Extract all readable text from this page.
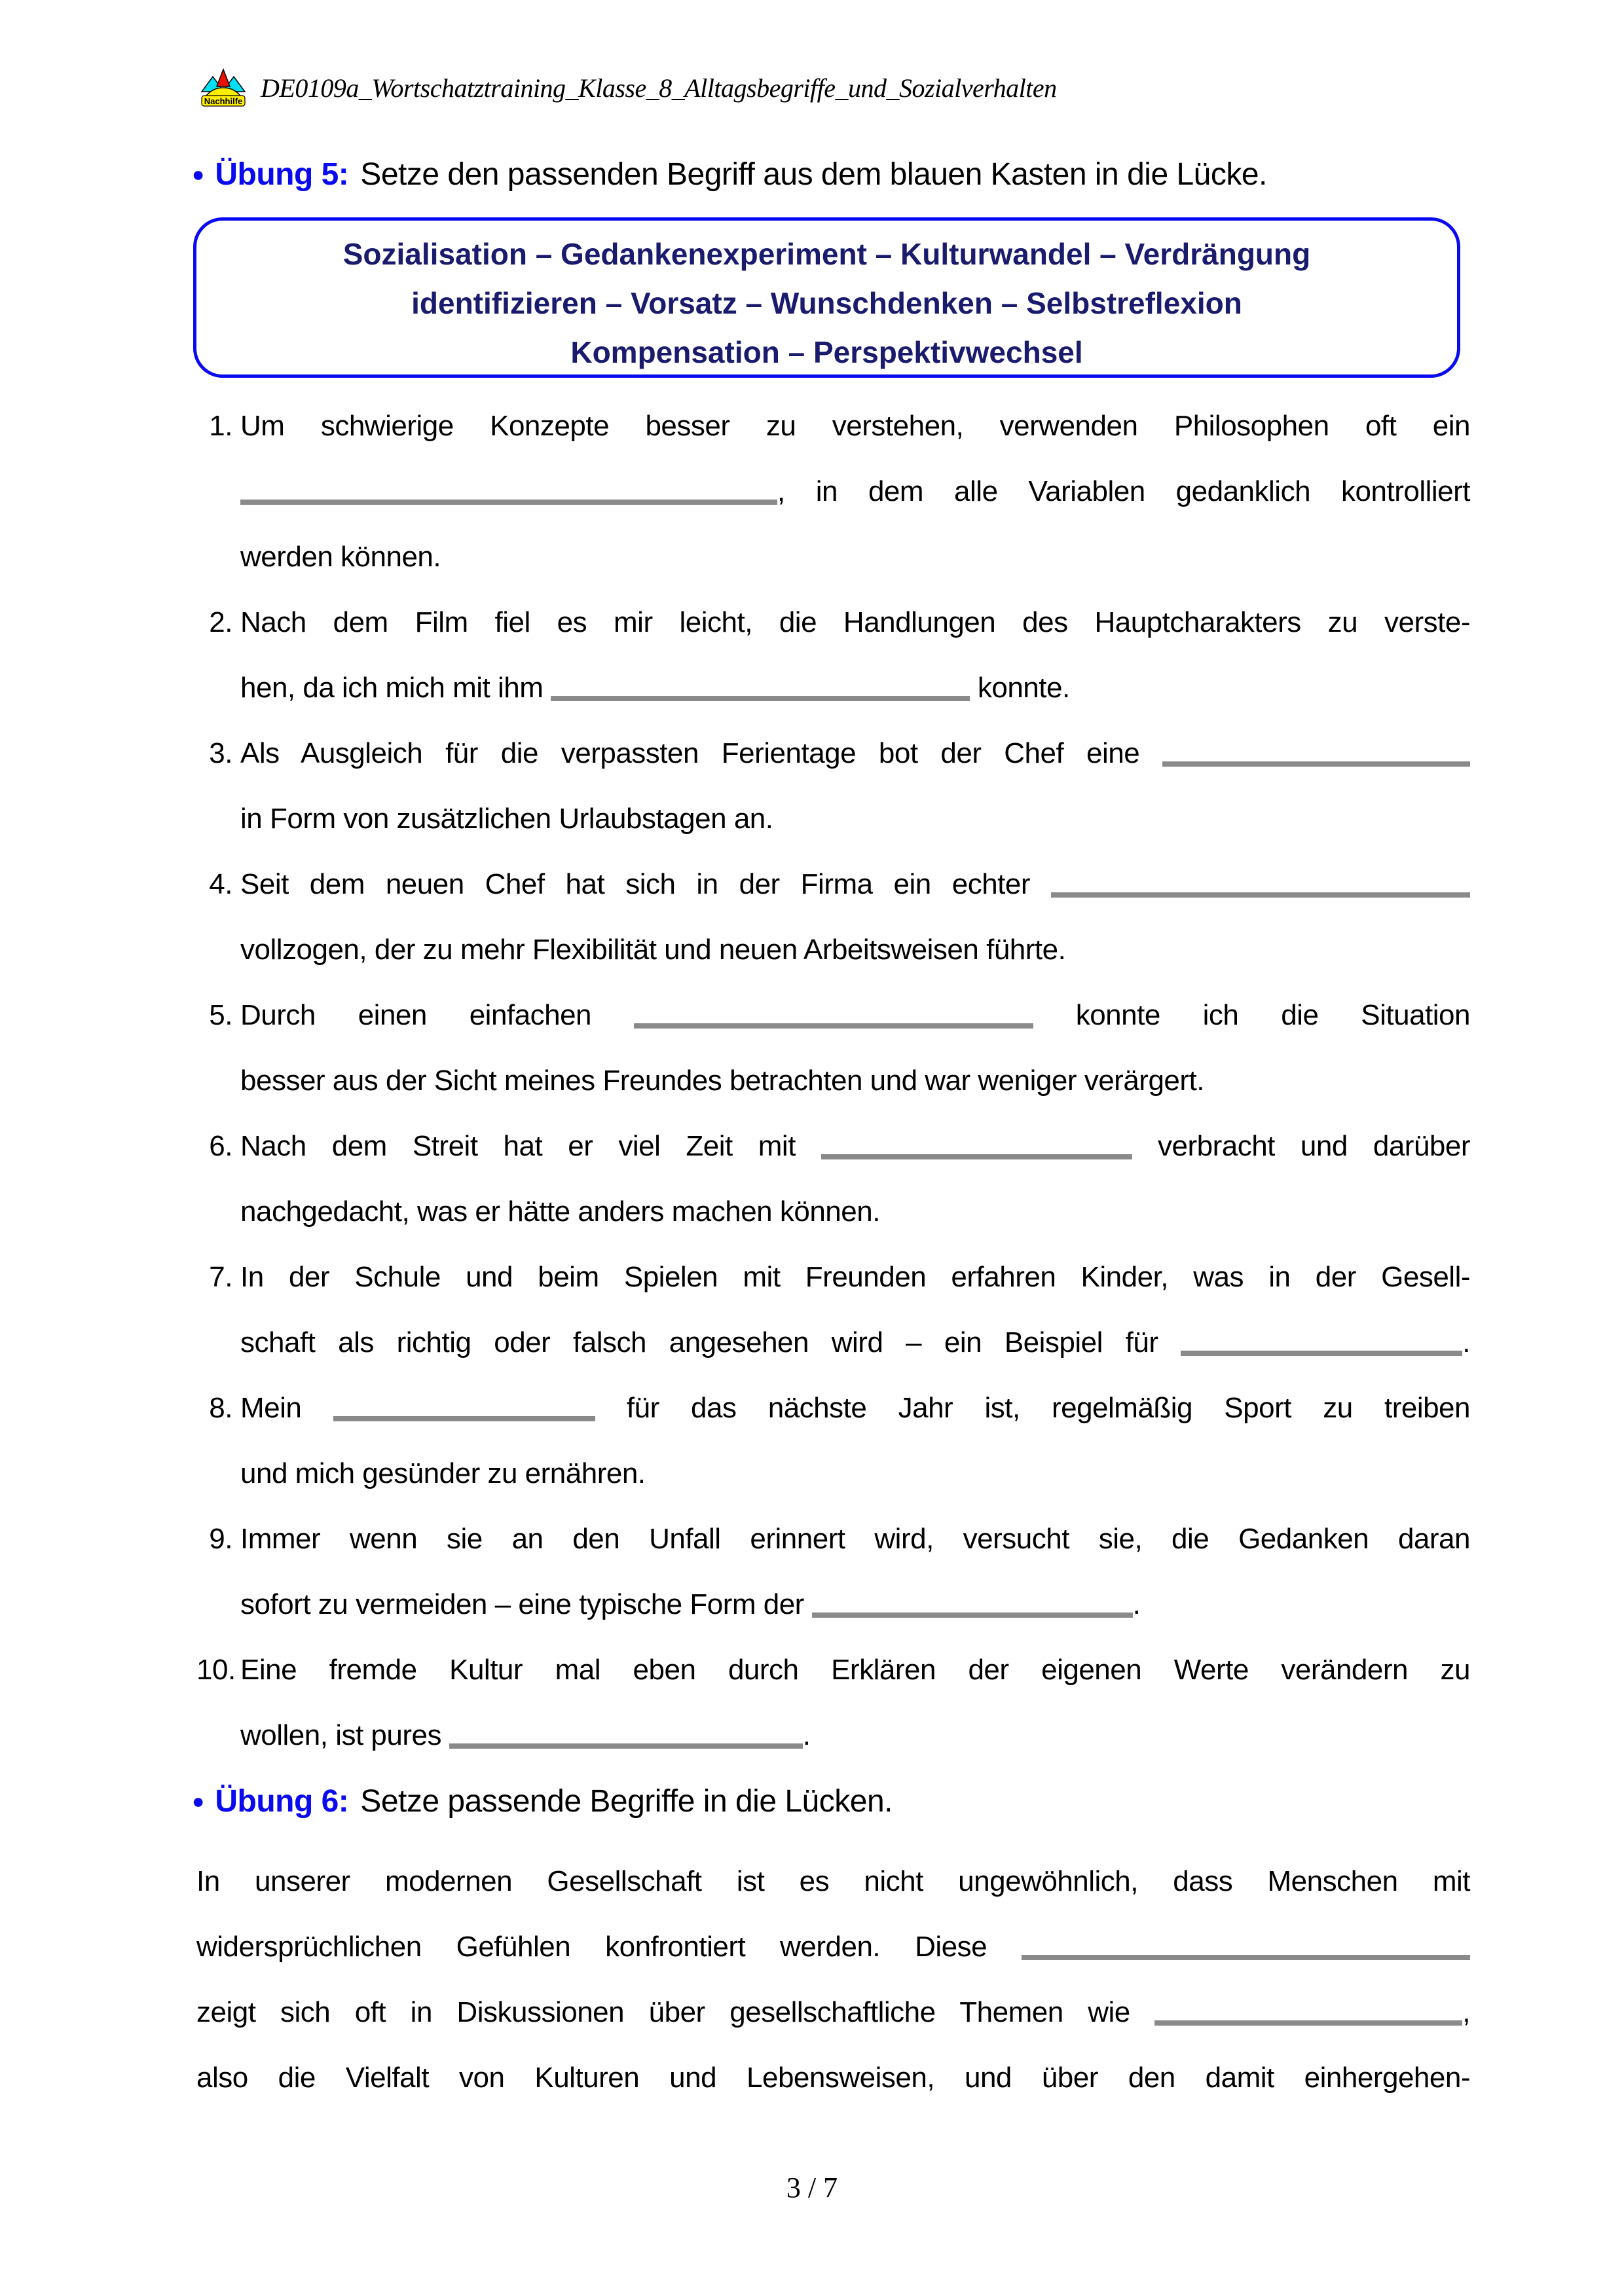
Nachhilfe DE0109a_Wortschatztraining_Klasse_8_Alltagsbegriffe_und_Sozialverhalten
● Übung 5: Setze den passenden Begriff aus dem blauen Kasten in die Lücke.
Sozialisation – Gedankenexperiment – Kulturwandel – Verdrängung
identifizieren – Vorsatz – Wunschdenken – Selbstreflexion
Kompensation – Perspektivwechsel
1. Um schwierige Konzepte besser zu verstehen, verwenden Philosophen oft ein
, in dem alle Variablen gedanklich kontrolliert
werden können.
2. Nach dem Film fiel es mir leicht, die Handlungen des Hauptcharakters zu verste-
hen, da ich mich mit ihm	konnte.
3. Als Ausgleich für die verpassten Ferientage bot der Chef eine
in Form von zusätzlichen Urlaubstagen an.
4. Seit dem neuen Chef hat sich in der Firma ein echter
vollzogen, der zu mehr Flexibilität und neuen Arbeitsweisen führte.
5. Durch einen einfachen	konnte ich die Situation
besser aus der Sicht meines Freundes betrachten und war weniger verärgert.
6. Nach dem Streit hat er viel Zeit mit	verbracht und darüber
nachgedacht, was er hätte anders machen können.
7. In der Schule und beim Spielen mit Freunden erfahren Kinder, was in der Gesell-
schaft als richtig oder falsch angesehen wird – ein Beispiel für	.
8. Mein	für das nächste Jahr ist, regelmäßig Sport zu treiben
und mich gesünder zu ernähren.
9. Immer wenn sie an den Unfall erinnert wird, versucht sie, die Gedanken daran
sofort zu vermeiden – eine typische Form der	.
10. Eine fremde Kultur mal eben durch Erklären der eigenen Werte verändern zu
wollen, ist pures	.
● Übung 6: Setze passende Begriffe in die Lücken.
In unserer modernen Gesellschaft ist es nicht ungewöhnlich, dass Menschen mit
widersprüchlichen Gefühlen konfrontiert werden. Diese
zeigt sich oft in Diskussionen über gesellschaftliche Themen wie	,
also die Vielfalt von Kulturen und Lebensweisen, und über den damit einhergehen-
3 / 7
